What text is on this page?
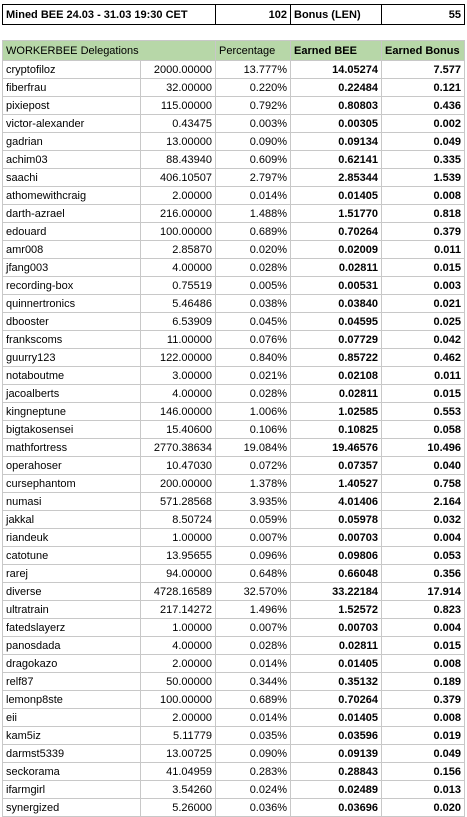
Mined BEE 24.03 - 31.03 19:30 CET		102	Bonus (LEN)	55

WORKERBEE Delegations		Percentage	Earned BEE	Earned Bonus
cryptofiloz	2000.00000	13.777%	14.05274	7.577
fiberfrau	32.00000	0.220%	0.22484	0.121
pixiepost	115.00000	0.792%	0.80803	0.436
victor-alexander	0.43475	0.003%	0.00305	0.002
gadrian	13.00000	0.090%	0.09134	0.049
achim03	88.43940	0.609%	0.62141	0.335
saachi	406.10507	2.797%	2.85344	1.539
athomewithcraig	2.00000	0.014%	0.01405	0.008
darth-azrael	216.00000	1.488%	1.51770	0.818
edouard	100.00000	0.689%	0.70264	0.379
amr008	2.85870	0.020%	0.02009	0.011
jfang003	4.00000	0.028%	0.02811	0.015
recording-box	0.75519	0.005%	0.00531	0.003
quinnertronics	5.46486	0.038%	0.03840	0.021
dbooster	6.53909	0.045%	0.04595	0.025
frankscoms	11.00000	0.076%	0.07729	0.042
guurry123	122.00000	0.840%	0.85722	0.462
notaboutme	3.00000	0.021%	0.02108	0.011
jacoalberts	4.00000	0.028%	0.02811	0.015
kingneptune	146.00000	1.006%	1.02585	0.553
bigtakosensei	15.40600	0.106%	0.10825	0.058
mathfortress	2770.38634	19.084%	19.46576	10.496
operahoser	10.47030	0.072%	0.07357	0.040
cursephantom	200.00000	1.378%	1.40527	0.758
numasi	571.28568	3.935%	4.01406	2.164
jakkal	8.50724	0.059%	0.05978	0.032
riandeuk	1.00000	0.007%	0.00703	0.004
catotune	13.95655	0.096%	0.09806	0.053
rarej	94.00000	0.648%	0.66048	0.356
diverse	4728.16589	32.570%	33.22184	17.914
ultratrain	217.14272	1.496%	1.52572	0.823
fatedslayerz	1.00000	0.007%	0.00703	0.004
panosdada	4.00000	0.028%	0.02811	0.015
dragokazo	2.00000	0.014%	0.01405	0.008
relf87	50.00000	0.344%	0.35132	0.189
lemonp8ste	100.00000	0.689%	0.70264	0.379
eii	2.00000	0.014%	0.01405	0.008
kam5iz	5.11779	0.035%	0.03596	0.019
darmst5339	13.00725	0.090%	0.09139	0.049
seckorama	41.04959	0.283%	0.28843	0.156
ifarmgirl	3.54260	0.024%	0.02489	0.013
synergized	5.26000	0.036%	0.03696	0.020
